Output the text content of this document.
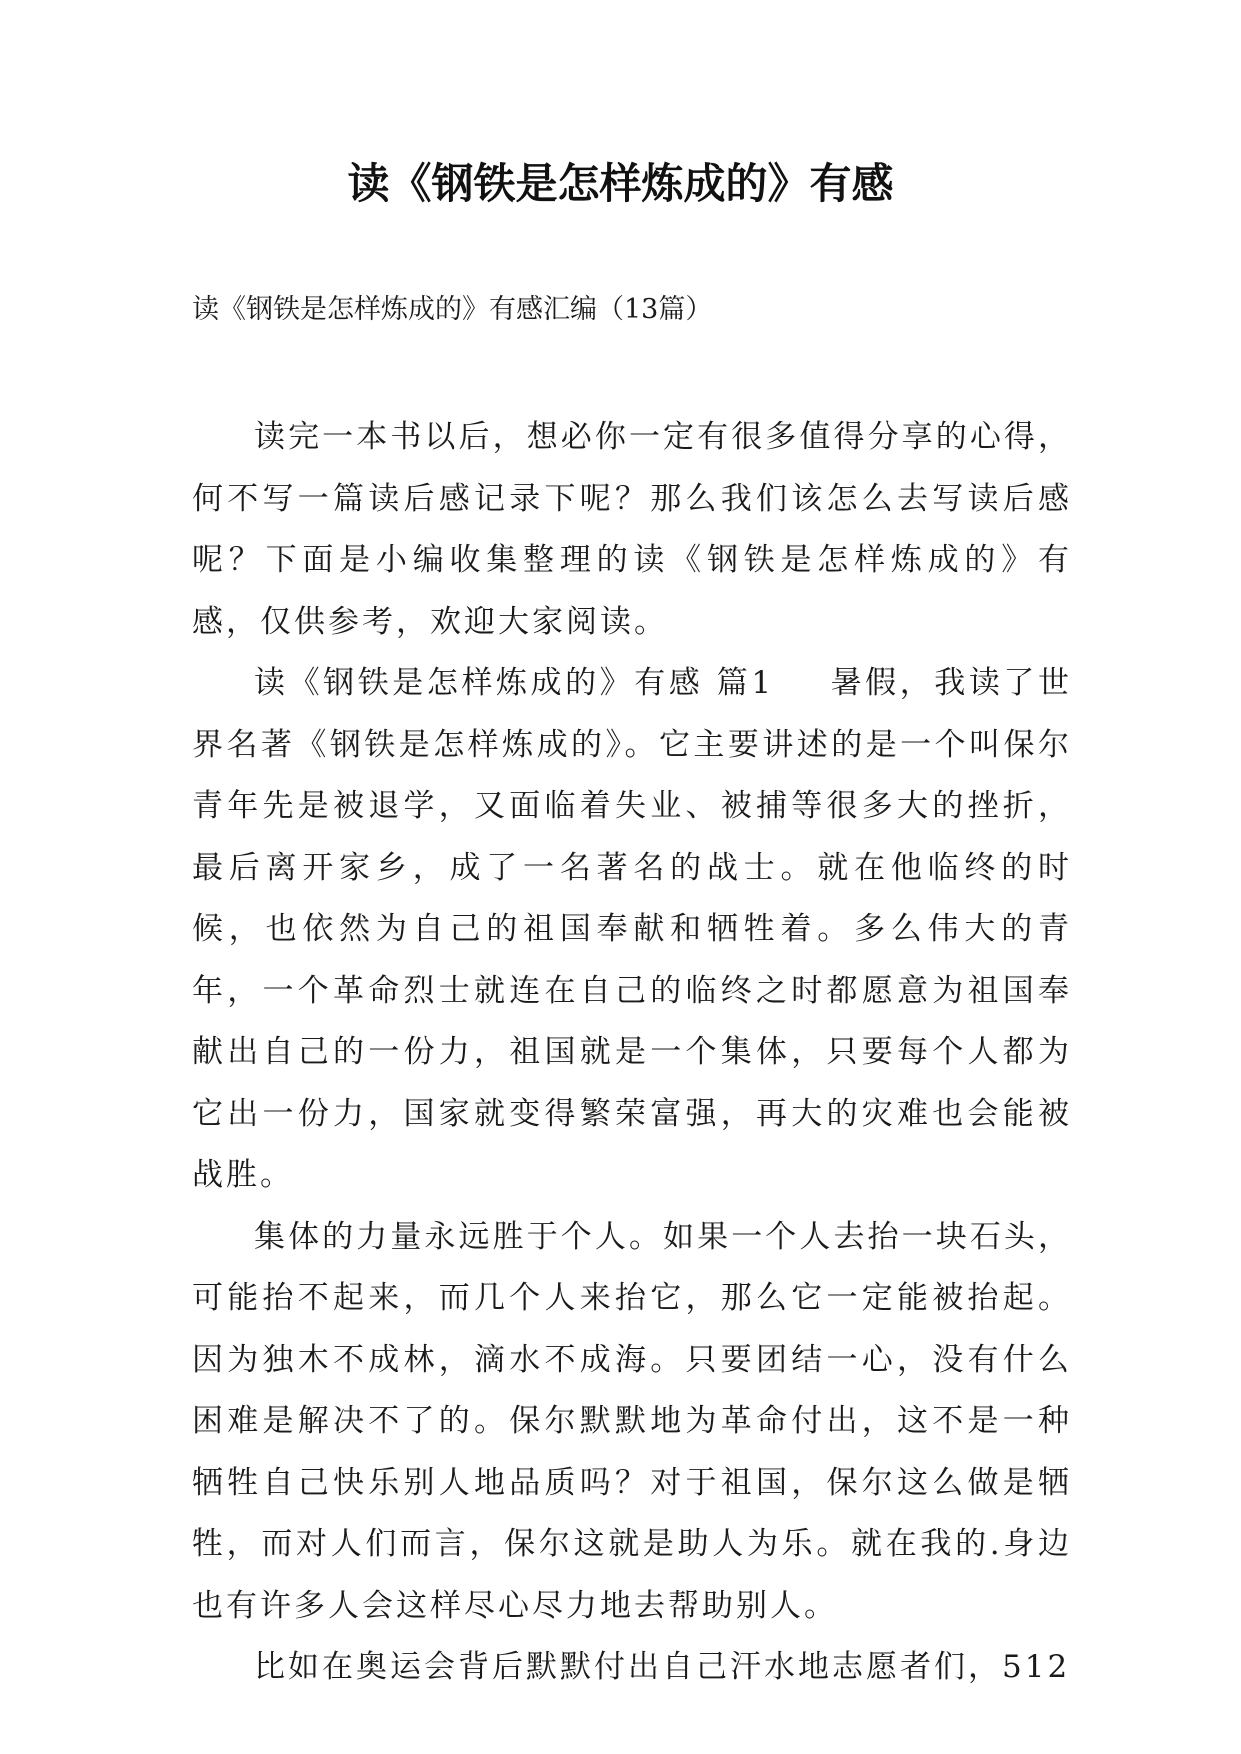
读《钢铁是怎样炼成的》有感
读《钢铁是怎样炼成的》有感汇编（13篇）

读完一本书以后，想必你一定有很多值得分享的心得，何不写一篇读后感记录下呢？那么我们该怎么去写读后感呢？下面是小编收集整理的读《钢铁是怎样炼成的》有感，仅供参考，欢迎大家阅读。

读《钢铁是怎样炼成的》有感 篇1 暑假，我读了世界名著《钢铁是怎样炼成的》。它主要讲述的是一个叫保尔青年先是被退学，又面临着失业、被捕等很多大的挫折，最后离开家乡，成了一名著名的战士。就在他临终的时候，也依然为自己的祖国奉献和牺牲着。多么伟大的青年，一个革命烈士就连在自己的临终之时都愿意为祖国奉献出自己的一份力，祖国就是一个集体，只要每个人都为它出一份力，国家就变得繁荣富强，再大的灾难也会能被战胜。

集体的力量永远胜于个人。如果一个人去抬一块石头，可能抬不起来，而几个人来抬它，那么它一定能被抬起。因为独木不成林，滴水不成海。只要团结一心，没有什么困难是解决不了的。保尔默默地为革命付出，这不是一种牺牲自己快乐别人地品质吗？对于祖国，保尔这么做是牺牲，而对人们而言，保尔这就是助人为乐。就在我的.身边也有许多人会这样尽心尽力地去帮助别人。

比如在奥运会背后默默付出自己汗水地志愿者们，512
